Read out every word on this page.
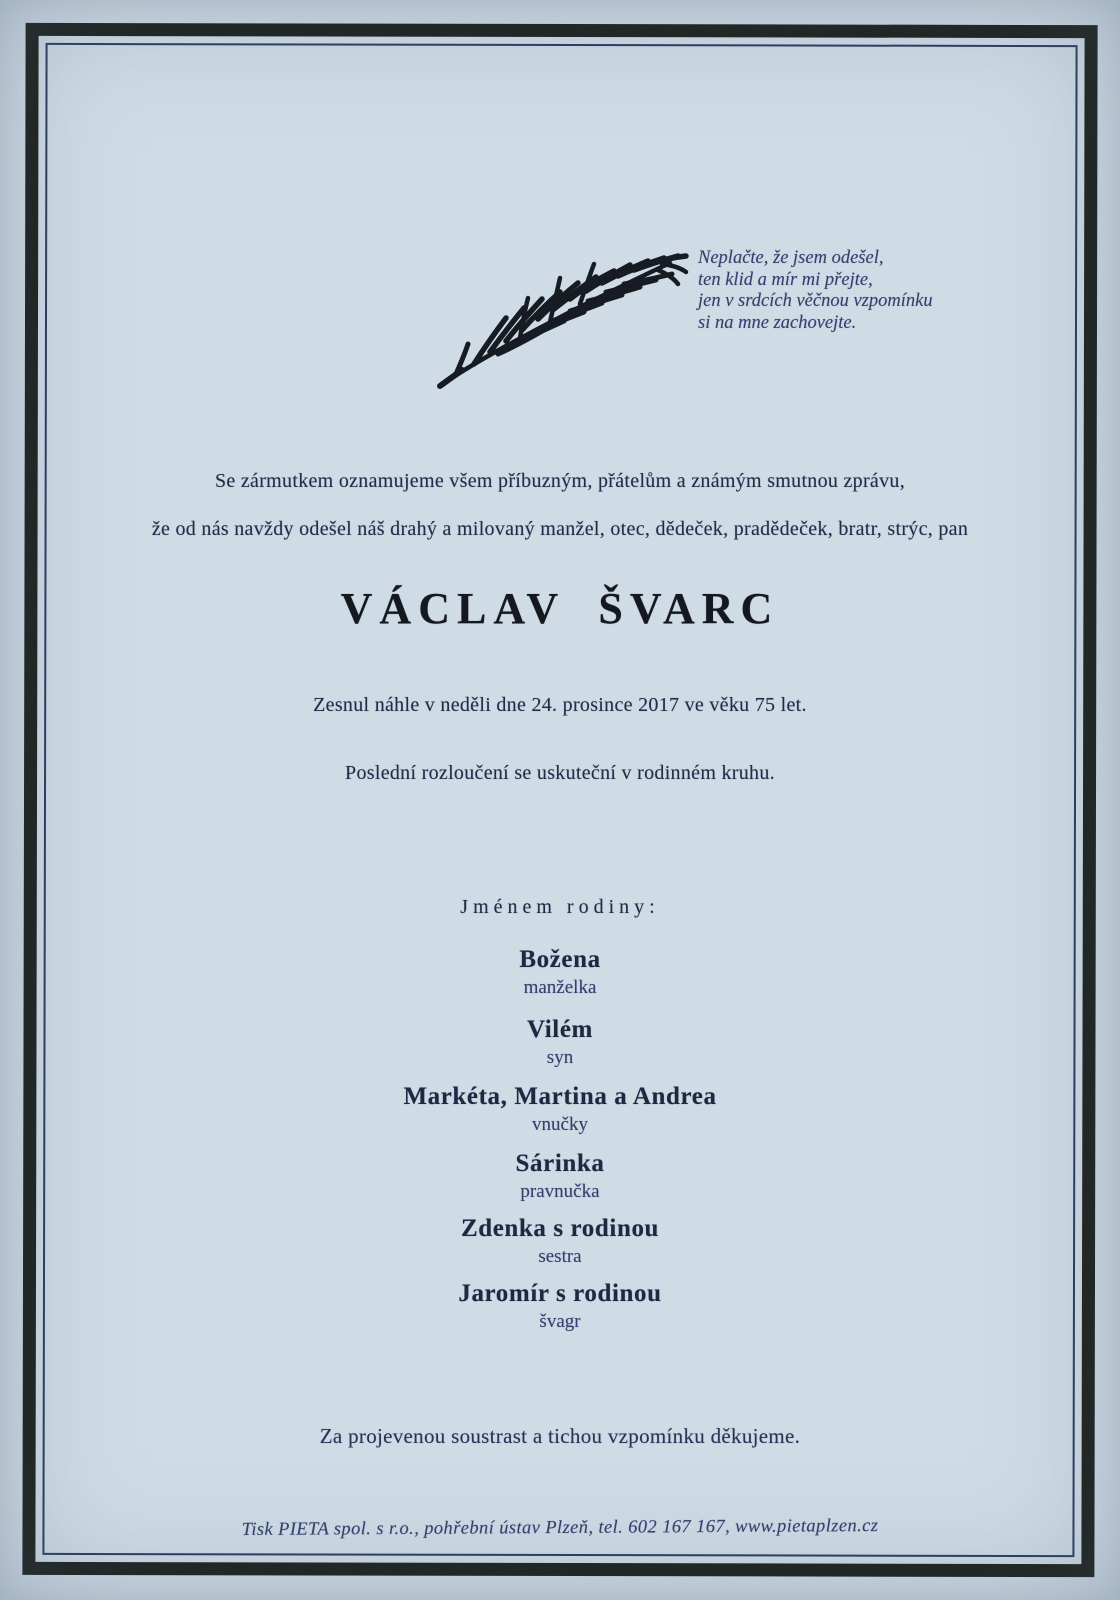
Neplačte, že jsem odešel,
ten klid a mír mi přejte,
jen v srdcích věčnou vzpomínku
si na mne zachovejte.
Se zármutkem oznamujeme všem příbuzným, přátelům a známým smutnou zprávu,
že od nás navždy odešel náš drahý a milovaný manžel, otec, dědeček, pradědeček, bratr, strýc, pan
VÁCLAV ŠVARC
Zesnul náhle v neděli dne 24. prosince 2017 ve věku 75 let.
Poslední rozloučení se uskuteční v rodinném kruhu.
Jménem rodiny:
Božena
manželka
Vilém
syn
Markéta, Martina a Andrea
vnučky
Sárinka
pravnučka
Zdenka s rodinou
sestra
Jaromír s rodinou
švagr
Za projevenou soustrast a tichou vzpomínku děkujeme.
Tisk PIETA spol. s r.o., pohřební ústav Plzeň, tel. 602 167 167, www.pietaplzen.cz
